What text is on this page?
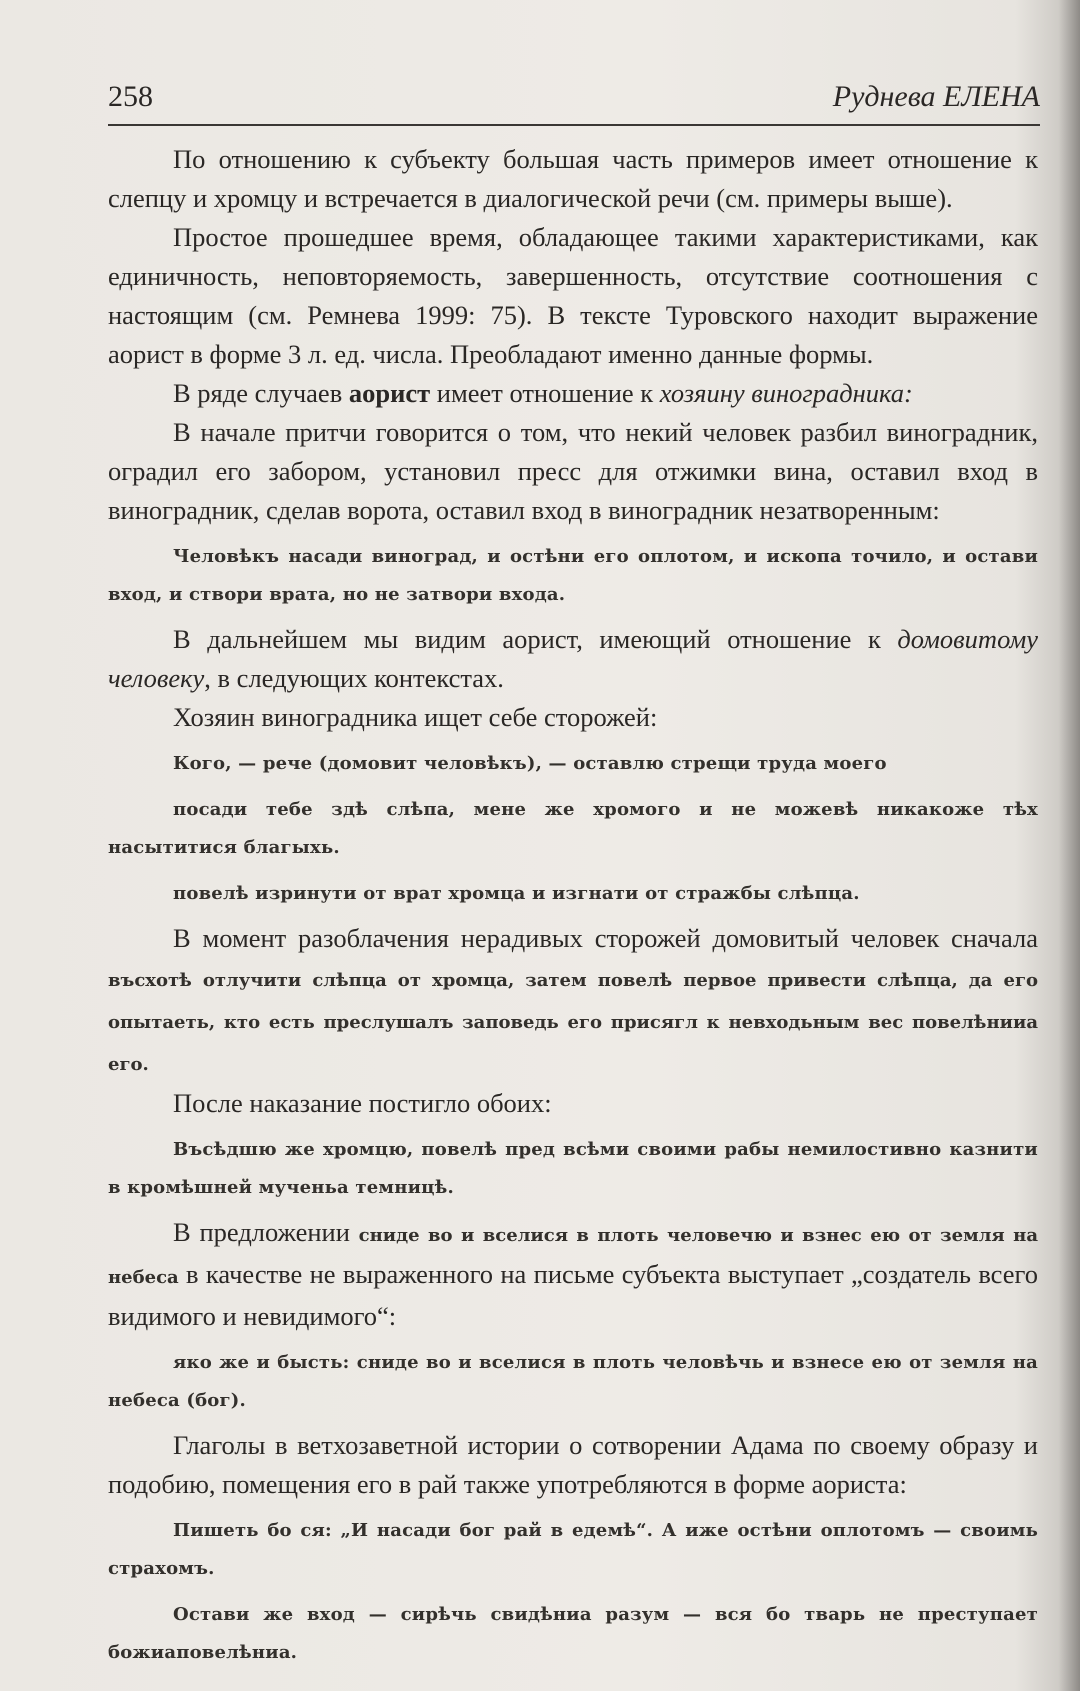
258	Руднева ЕЛЕНА

По отношению к субъекту большая часть примеров имеет отношение к слепцу и хромцу и встречается в диалогической речи (см. примеры выше).

Простое прошедшее время, обладающее такими характеристиками, как единичность, неповторяемость, завершенность, отсутствие соотношения с настоящим (см. Ремнева 1999: 75). В тексте Туровского находит выражение аорист в форме 3 л. ед. числа. Преобладают именно данные формы.

В ряде случаев аорист имеет отношение к хозяину виноградника:

В начале притчи говорится о том, что некий человек разбил виноградник, оградил его забором, установил пресс для отжимки вина, оставил вход в виноградник, сделав ворота, оставил вход в виноградник незатворенным:

Человѣкъ насади виноград, и остѣни его оплотом, и ископа точило, и остави вход, и створи врата, но не затвори входа.

В дальнейшем мы видим аорист, имеющий отношение к домовитому человеку, в следующих контекстах.

Хозяин виноградника ищет себе сторожей:

Кого, — рече (домовит человѣкъ), — оставлю стрещи труда моего
посади тебе здѣ слѣпа, мене же хромого и не можевѣ никакоже тѣх насытитися благыхь.
повелѣ изринути от врат хромца и изгнати от стражбы слѣпца.

В момент разоблачения нерадивых сторожей домовитый человек сначала въсхотѣ отлучити слѣпца от хромца, затем повелѣ первое привести слѣпца, да его опытаеть, кто есть преслушалъ заповедь его присягл к невходьным вес повелѣнииа его.

После наказание постигло обоих:

Въсѣдшю же хромцю, повелѣ пред всѣми своими рабы немилостивно казнити в кромѣшней мученьа темницѣ.

В предложении сниде во и вселися в плоть человечю и взнес ею от земля на небеса в качестве не выраженного на письме субъекта выступает „создатель всего видимого и невидимого“:

яко же и бысть: сниде во и вселися в плоть человѣчь и взнесе ею от земля на небеса (бог).

Глаголы в ветхозаветной истории о сотворении Адама по своему образу и подобию, помещения его в рай также употребляются в форме аориста:

Пишеть бо ся: „И насади бог рай в едемѣ“. А иже остѣни оплотомъ — своимь страхомъ.
Остави же вход — сирѣчь свидѣниа разум — вся бо тварь не преступает божиаповелѣниа.
